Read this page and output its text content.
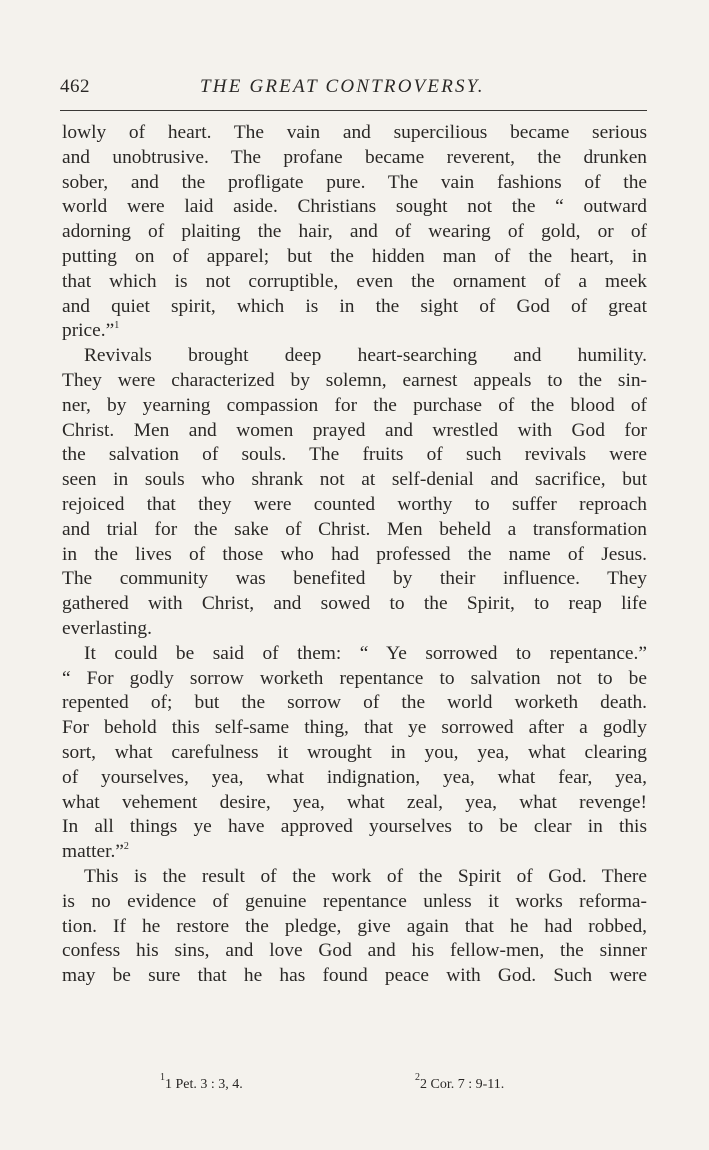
462	THE GREAT CONTROVERSY.
lowly of heart. The vain and supercilious became serious
and unobtrusive. The profane became reverent, the drunken
sober, and the profligate pure. The vain fashions of the
world were laid aside. Christians sought not the “ outward
adorning of plaiting the hair, and of wearing of gold, or of
putting on of apparel; but the hidden man of the heart, in
that which is not corruptible, even the ornament of a meek
and quiet spirit, which is in the sight of God of great
price.”$^1$
Revivals brought deep heart-searching and humility.
They were characterized by solemn, earnest appeals to the sin-
ner, by yearning compassion for the purchase of the blood of
Christ. Men and women prayed and wrestled with God for
the salvation of souls. The fruits of such revivals were
seen in souls who shrank not at self-denial and sacrifice, but
rejoiced that they were counted worthy to suffer reproach
and trial for the sake of Christ. Men beheld a transformation
in the lives of those who had professed the name of Jesus.
The community was benefited by their influence. They
gathered with Christ, and sowed to the Spirit, to reap life
everlasting.
It could be said of them: “ Ye sorrowed to repentance.”
“ For godly sorrow worketh repentance to salvation not to be
repented of; but the sorrow of the world worketh death.
For behold this self-same thing, that ye sorrowed after a godly
sort, what carefulness it wrought in you, yea, what clearing
of yourselves, yea, what indignation, yea, what fear, yea,
what vehement desire, yea, what zeal, yea, what revenge!
In all things ye have approved yourselves to be clear in this
matter.”$^2$
This is the result of the work of the Spirit of God. There
is no evidence of genuine repentance unless it works reforma-
tion. If he restore the pledge, give again that he had robbed,
confess his sins, and love God and his fellow-men, the sinner
may be sure that he has found peace with God. Such were
$^1$1 Pet. 3 : 3, 4.	$^2$2 Cor. 7 : 9-11.
